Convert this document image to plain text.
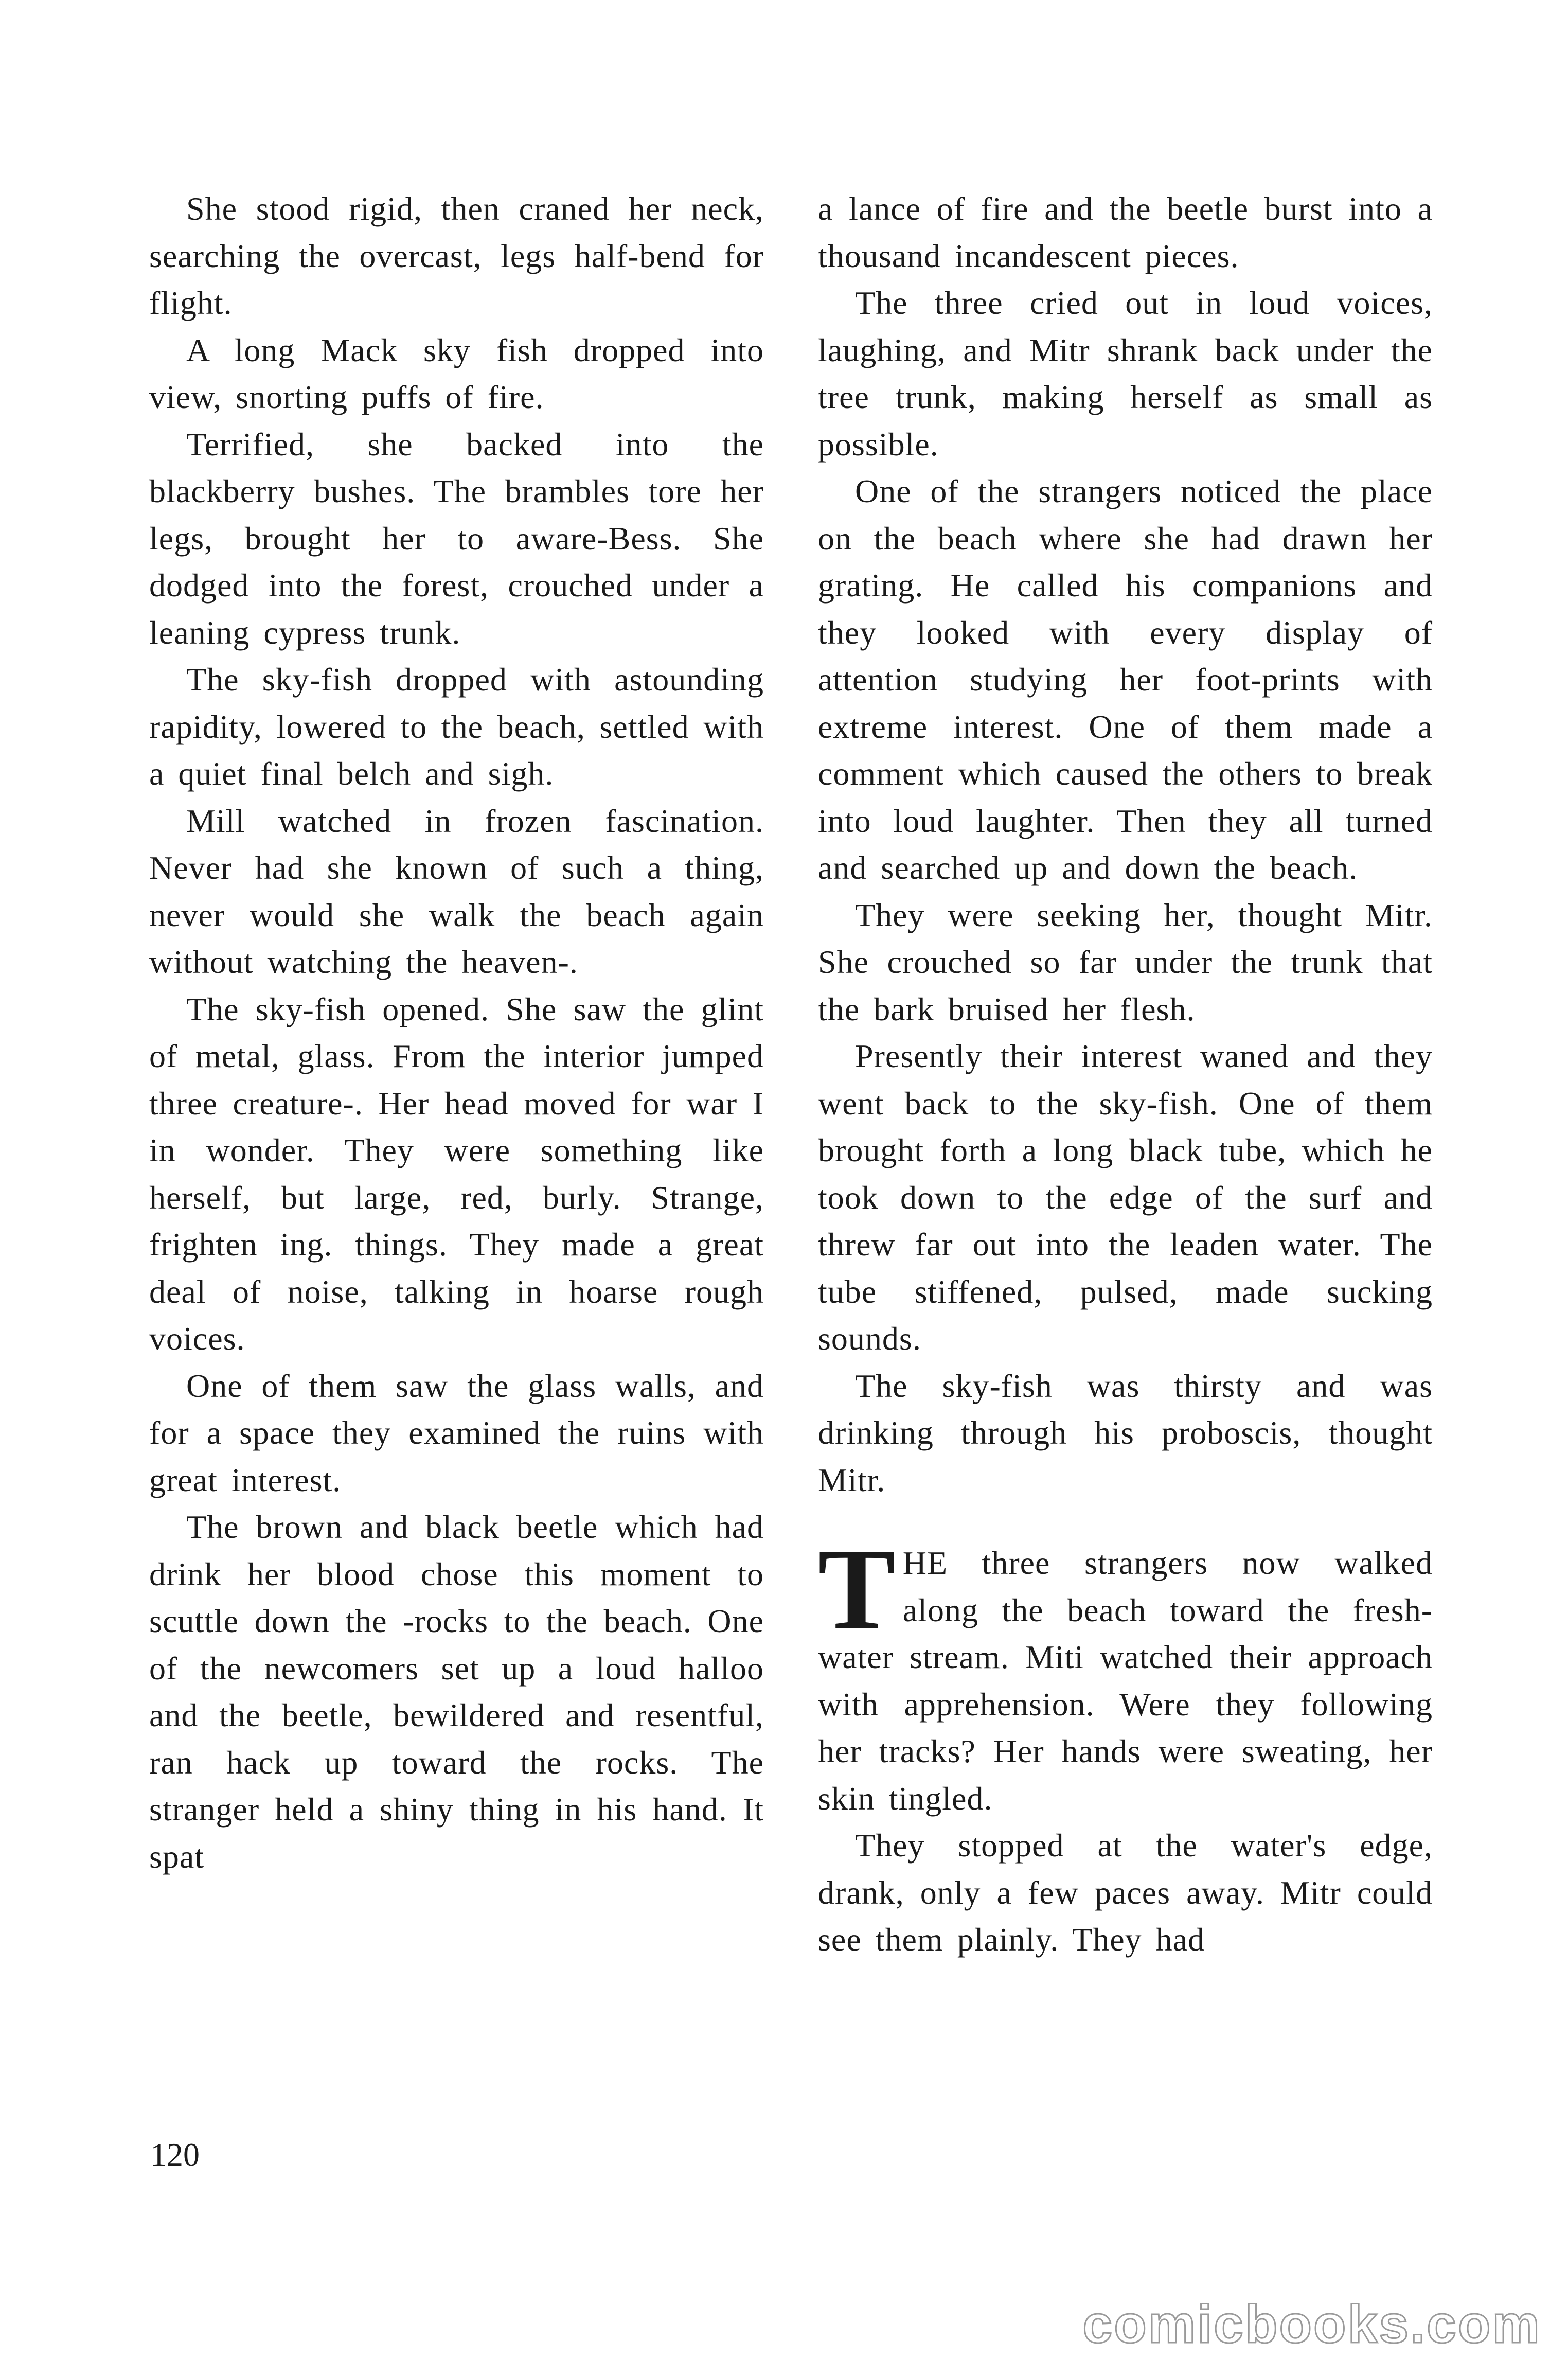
She stood rigid, then craned her neck, searching the overcast, legs half-bend for flight.

A long Mack sky fish dropped into view, snorting puffs of fire.

Terrified, she backed into the blackberry bushes. The brambles tore her legs, brought her to aware-Bess. She dodged into the forest, crouched under a leaning cypress trunk.

The sky-fish dropped with astounding rapidity, lowered to the beach, settled with a quiet final belch and sigh.

Mill watched in frozen fascination. Never had she known of such a thing, never would she walk the beach again without watching the heaven-.

The sky-fish opened. She saw the glint of metal, glass. From the interior jumped three creature-. Her head moved for war I in wonder. They were something like herself, but large, red, burly. Strange, frighten ing. things. They made a great deal of noise, talking in hoarse rough voices.

One of them saw the glass walls, and for a space they examined the ruins with great interest.

The brown and black beetle which had drink her blood chose this moment to scuttle down the -rocks to the beach. One of the newcomers set up a loud halloo and the beetle, bewildered and resentful, ran hack up toward the rocks. The stranger held a shiny thing in his hand. It spat

a lance of fire and the beetle burst into a thousand incandescent pieces.

The three cried out in loud voices, laughing, and Mitr shrank back under the tree trunk, making herself as small as possible.

One of the strangers noticed the place on the beach where she had drawn her grating. He called his companions and they looked with every display of attention studying her foot-prints with extreme interest. One of them made a comment which caused the others to break into loud laughter. Then they all turned and searched up and down the beach.

They were seeking her, thought Mitr. She crouched so far under the trunk that the bark bruised her flesh.

Presently their interest waned and they went back to the sky-fish. One of them brought forth a long black tube, which he took down to the edge of the surf and threw far out into the leaden water. The tube stiffened, pulsed, made sucking sounds.

The sky-fish was thirsty and was drinking through his proboscis, thought Mitr.

THE three strangers now walked along the beach toward the fresh-water stream. Miti watched their approach with apprehension. Were they following her tracks? Her hands were sweating, her skin tingled.

They stopped at the water's edge, drank, only a few paces away. Mitr could see them plainly. They had

120
comicbooks.com
